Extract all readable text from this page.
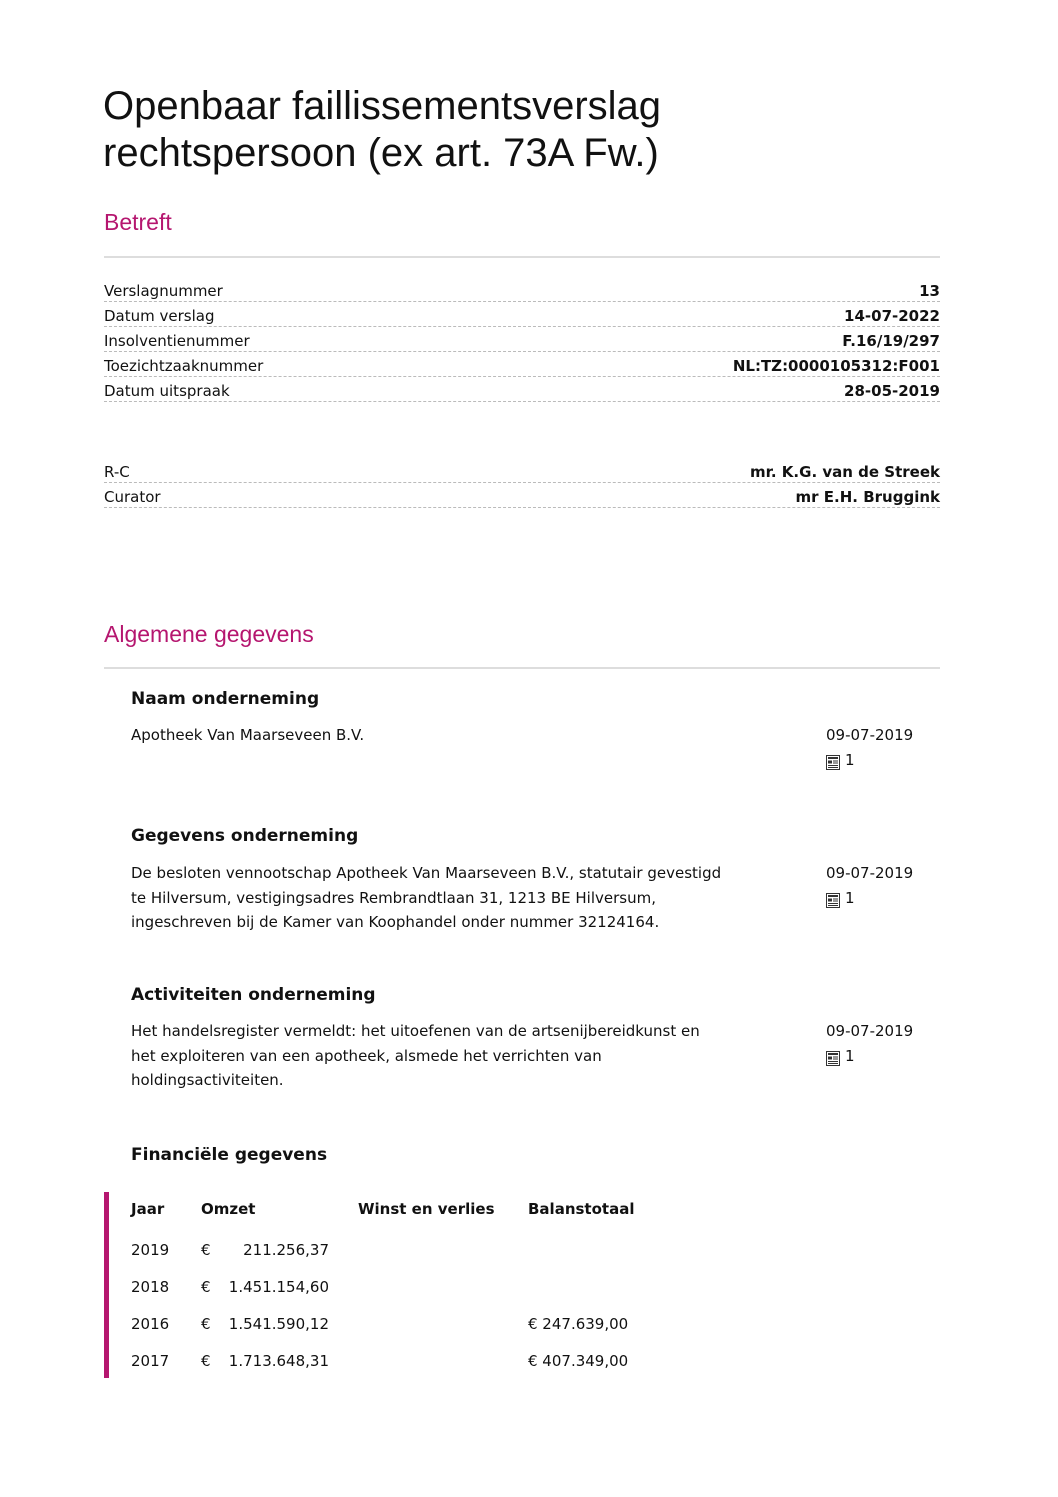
Openbaar faillissementsverslag
rechtspersoon (ex art. 73A Fw.)
Betreft
Verslagnummer	13
Datum verslag	14-07-2022
Insolventienummer	F.16/19/297
Toezichtzaaknummer	NL:TZ:0000105312:F001
Datum uitspraak	28-05-2019
R-C	mr. K.G. van de Streek
Curator	mr E.H. Bruggink
Algemene gegevens
Naam onderneming
Apotheek Van Maarseveen B.V.	09-07-2019
1
Gegevens onderneming
De besloten vennootschap Apotheek Van Maarseveen B.V., statutair gevestigd
te Hilversum, vestigingsadres Rembrandtlaan 31, 1213 BE Hilversum,
ingeschreven bij de Kamer van Koophandel onder nummer 32124164.
09-07-2019
1
Activiteiten onderneming
Het handelsregister vermeldt: het uitoefenen van de artsenijbereidkunst en
het exploiteren van een apotheek, alsmede het verrichten van
holdingsactiviteiten.
09-07-2019
1
Financiële gegevens
Jaar	Omzet	Winst en verlies	Balanstotaal
2019	€ 211.256,37		

2018	€ 1.451.154,60		

2016	€ 1.541.590,12		€ 247.639,00
2017	€ 1.713.648,31		€ 407.349,00
